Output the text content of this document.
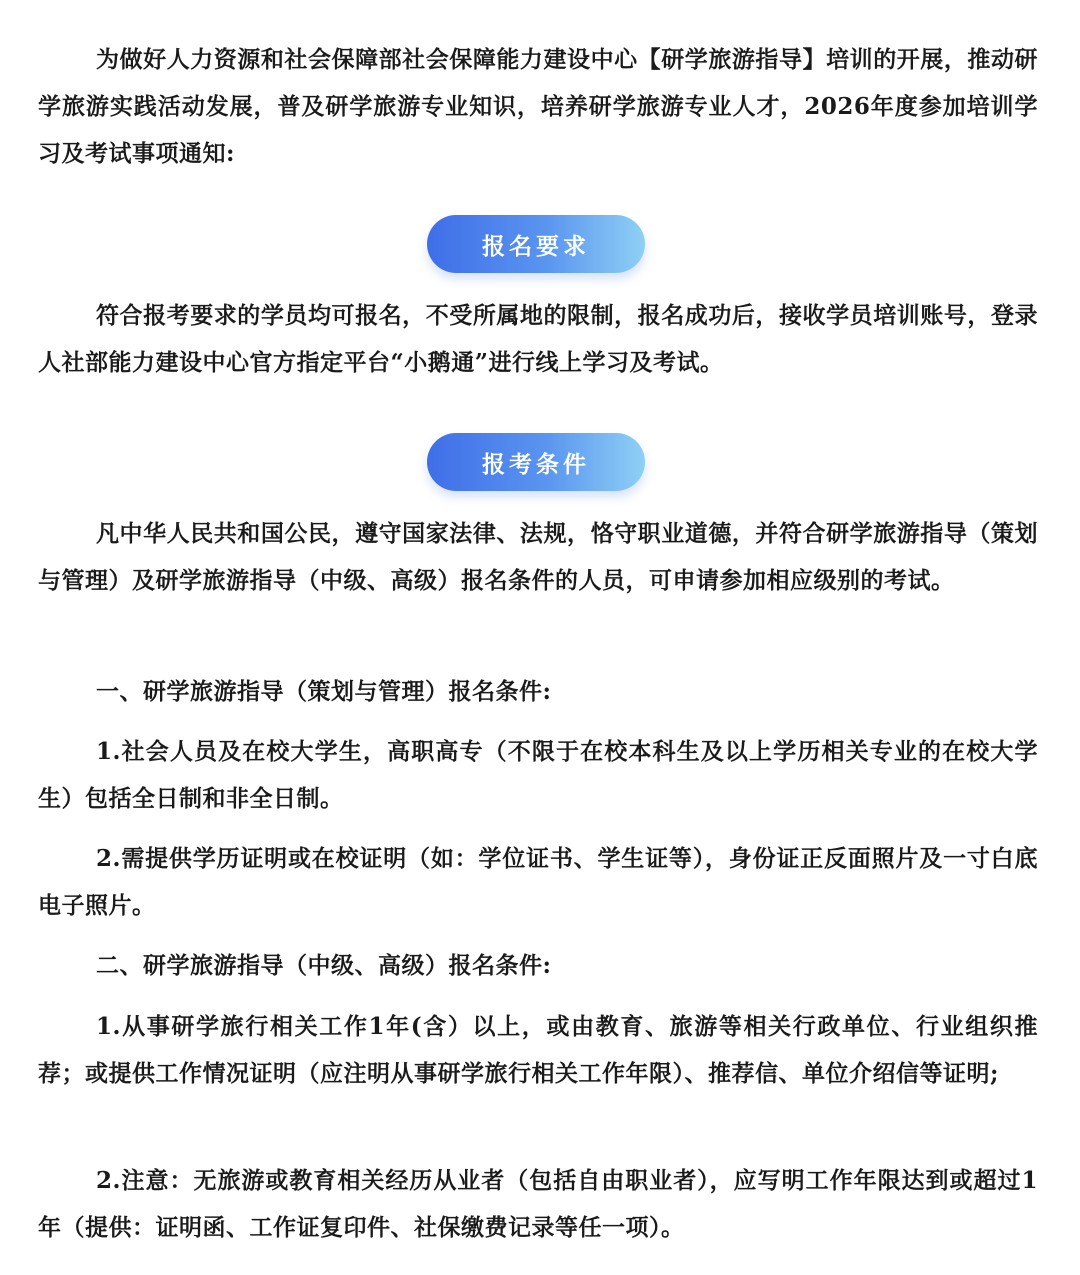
为做好人力资源和社会保障部社会保障能力建设中心【研学旅游指导】培训的开展，推动研学旅游实践活动发展，普及研学旅游专业知识，培养研学旅游专业人才，2026年度参加培训学习及考试事项通知:

报名要求

符合报考要求的学员均可报名，不受所属地的限制，报名成功后，接收学员培训账号，登录人社部能力建设中心官方指定平台“小鹅通”进行线上学习及考试。

报考条件

凡中华人民共和国公民，遵守国家法律、法规，恪守职业道德，并符合研学旅游指导（策划与管理）及研学旅游指导（中级、高级）报名条件的人员，可申请参加相应级别的考试。

一、研学旅游指导（策划与管理）报名条件:

1.社会人员及在校大学生，高职高专（不限于在校本科生及以上学历相关专业的在校大学生）包括全日制和非全日制。

2.需提供学历证明或在校证明（如：学位证书、学生证等），身份证正反面照片及一寸白底电子照片。

二、研学旅游指导（中级、高级）报名条件:

1.从事研学旅行相关工作1年(含）以上，或由教育、旅游等相关行政单位、行业组织推荐；或提供工作情况证明（应注明从事研学旅行相关工作年限）、推荐信、单位介绍信等证明;

2.注意：无旅游或教育相关经历从业者（包括自由职业者），应写明工作年限达到或超过1年（提供：证明函、工作证复印件、社保缴费记录等任一项）。
